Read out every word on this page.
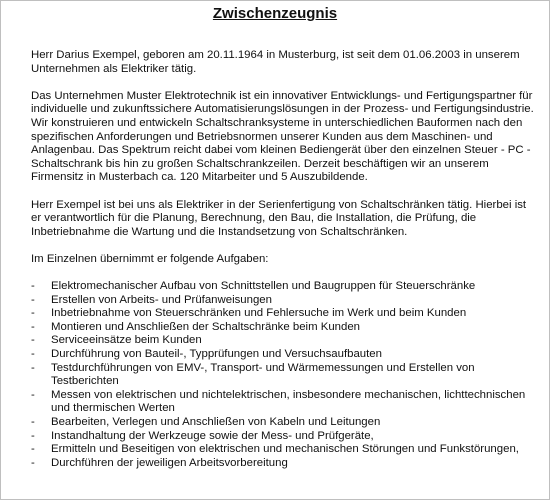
Zwischenzeugnis

Herr Darius Exempel, geboren am 20.11.1964 in Musterburg, ist seit dem 01.06.2003 in unserem Unternehmen als Elektriker tätig.

Das Unternehmen Muster Elektrotechnik ist ein innovativer Entwicklungs- und Fertigungspartner für individuelle und zukunftssichere Automatisierungslösungen in der Prozess- und Fertigungsindustrie. Wir konstruieren und entwickeln Schaltschranksysteme in unterschiedlichen Bauformen nach den spezifischen Anforderungen und Betriebsnormen unserer Kunden aus dem Maschinen- und Anlagenbau. Das Spektrum reicht dabei vom kleinen Bediengerät über den einzelnen Steuer - PC - Schaltschrank bis hin zu großen Schaltschrankzeilen. Derzeit beschäftigen wir an unserem Firmensitz in Musterbach ca. 120 Mitarbeiter und 5 Auszubildende.

Herr Exempel ist bei uns als Elektriker in der Serienfertigung von Schaltschränken tätig. Hierbei ist er verantwortlich für die Planung, Berechnung, den Bau, die Installation, die Prüfung, die Inbetriebnahme die Wartung und die Instandsetzung von Schaltschränken.

Im Einzelnen übernimmt er folgende Aufgaben:

- Elektromechanischer Aufbau von Schnittstellen und Baugruppen für Steuerschränke
- Erstellen von Arbeits- und Prüfanweisungen
- Inbetriebnahme von Steuerschränken und Fehlersuche im Werk und beim Kunden
- Montieren und Anschließen der Schaltschränke beim Kunden
- Serviceeinsätze beim Kunden
- Durchführung von Bauteil-, Typprüfungen und Versuchsaufbauten
- Testdurchführungen von EMV-, Transport- und Wärmemessungen und Erstellen von Testberichten
- Messen von elektrischen und nichtelektrischen, insbesondere mechanischen, lichttechnischen und thermischen Werten
- Bearbeiten, Verlegen und Anschließen von Kabeln und Leitungen
- Instandhaltung der Werkzeuge sowie der Mess- und Prüfgeräte,
- Ermitteln und Beseitigen von elektrischen und mechanischen Störungen und Funkstörungen,
- Durchführen der jeweiligen Arbeitsvorbereitung
